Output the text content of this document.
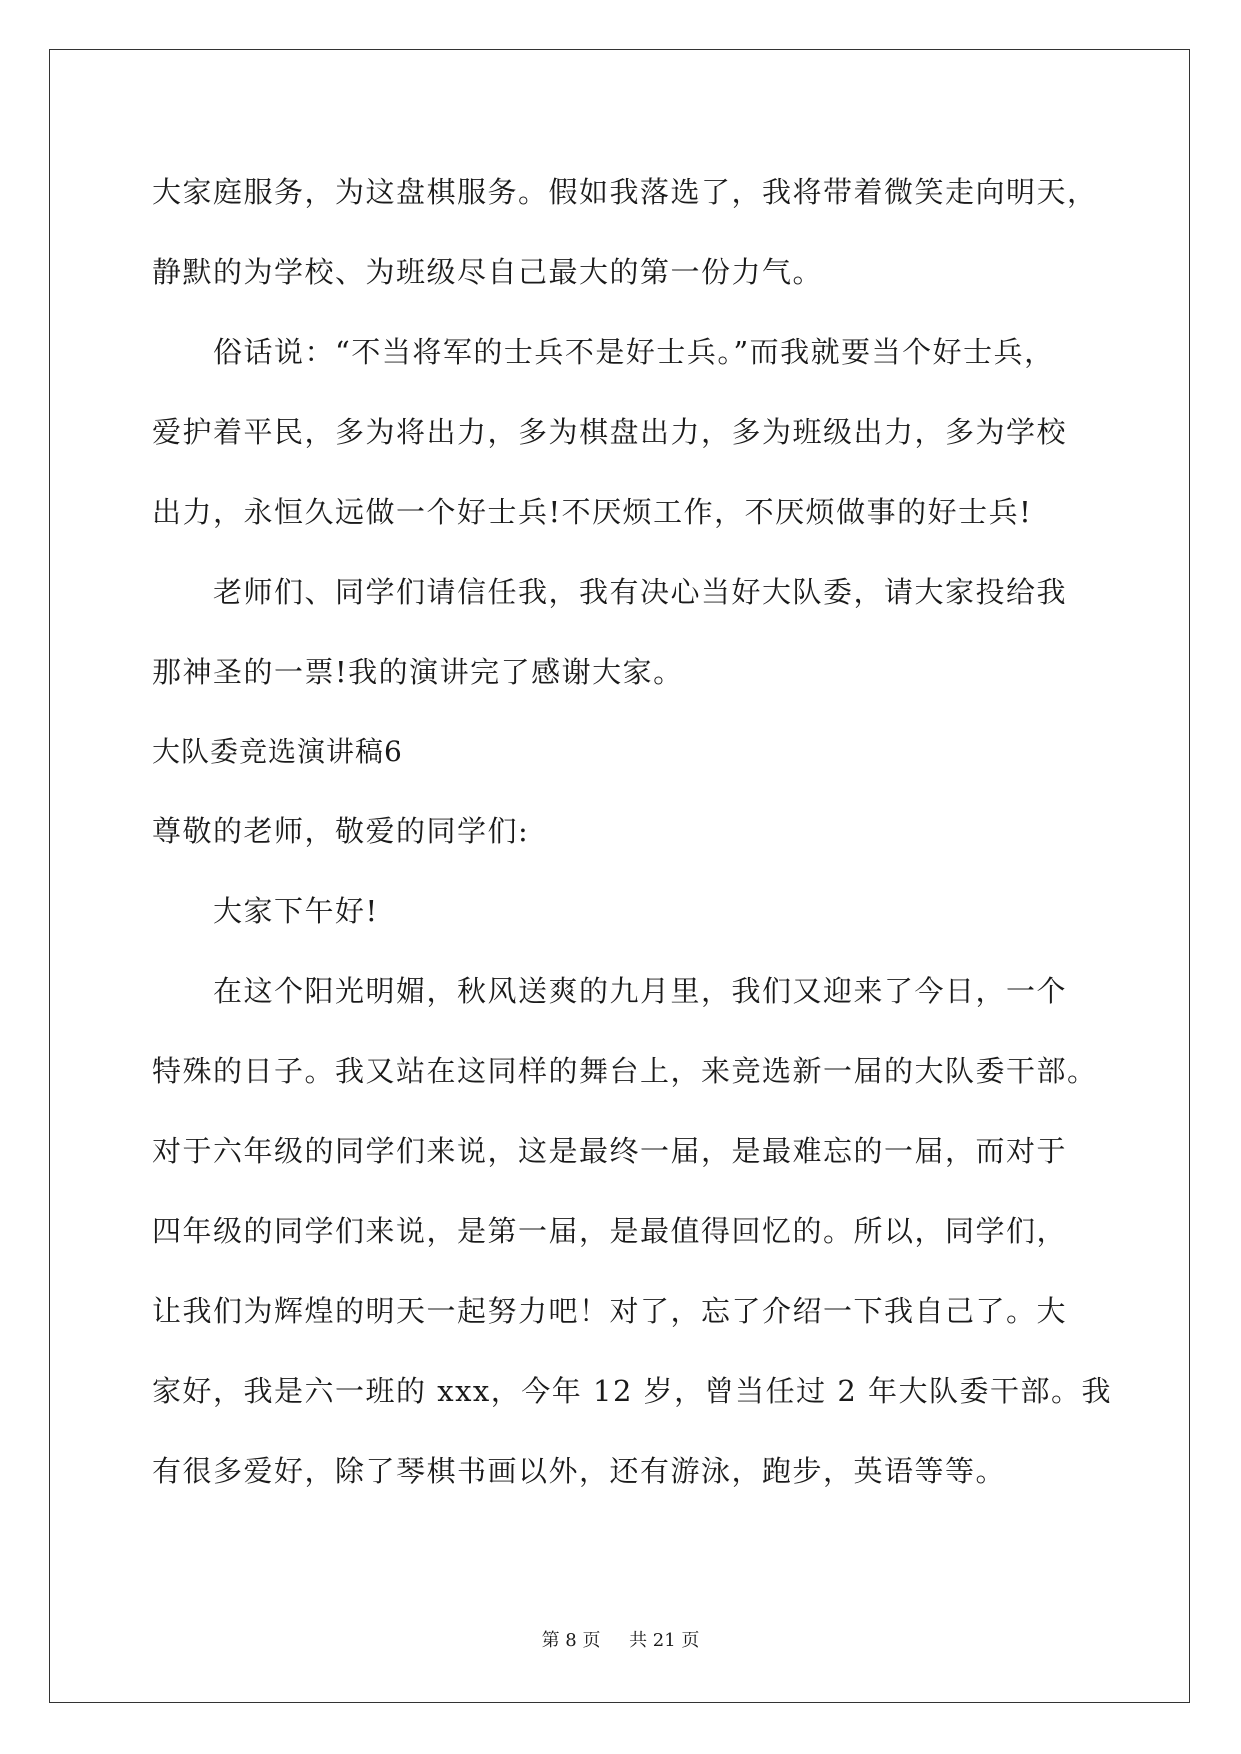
大家庭服务，为这盘棋服务。假如我落选了，我将带着微笑走向明天，
静默的为学校、为班级尽自己最大的第一份力气。
俗话说：“不当将军的士兵不是好士兵。”而我就要当个好士兵，
爱护着平民，多为将出力，多为棋盘出力，多为班级出力，多为学校
出力，永恒久远做一个好士兵!不厌烦工作，不厌烦做事的好士兵!
老师们、同学们请信任我，我有决心当好大队委，请大家投给我
那神圣的一票!我的演讲完了感谢大家。
大队委竞选演讲稿6
尊敬的老师，敬爱的同学们:
大家下午好!
在这个阳光明媚，秋风送爽的九月里，我们又迎来了今日，一个
特殊的日子。我又站在这同样的舞台上，来竞选新一届的大队委干部。
对于六年级的同学们来说，这是最终一届，是最难忘的一届，而对于
四年级的同学们来说，是第一届，是最值得回忆的。所以，同学们，
让我们为辉煌的明天一起努力吧！对了，忘了介绍一下我自己了。大
家好，我是六一班的 xxx，今年 12 岁，曾当任过 2 年大队委干部。我
有很多爱好，除了琴棋书画以外，还有游泳，跑步，英语等等。
第 8 页 共 21 页
